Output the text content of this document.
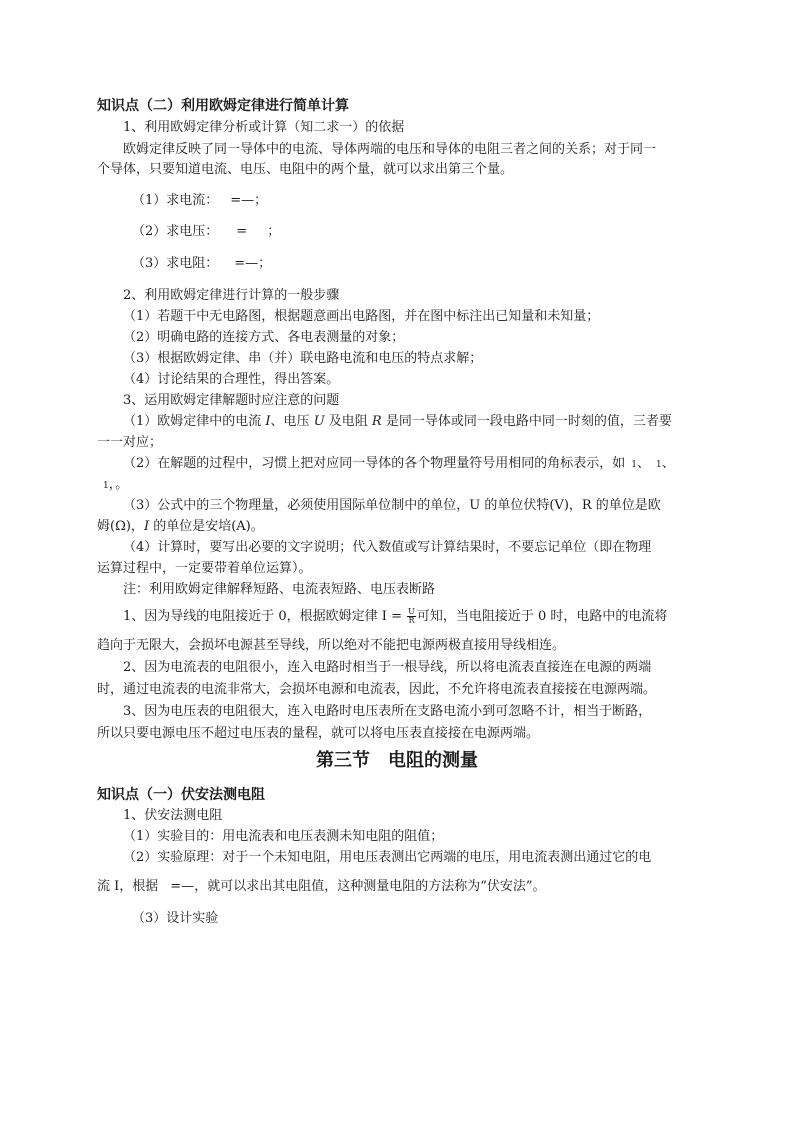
知识点（二）利用欧姆定律进行简单计算
1、利用欧姆定律分析或计算（知二求一）的依据
欧姆定律反映了同一导体中的电流、导体两端的电压和导体的电阻三者之间的关系；对于同一
个导体，只要知道电流、电压、电阻中的两个量，就可以求出第三个量。
（1）求电流： =—；
（2）求电压： = ；
（3）求电阻： =—；
2、利用欧姆定律进行计算的一般步骤
（1）若题干中无电路图，根据题意画出电路图，并在图中标注出已知量和未知量；
（2）明确电路的连接方式、各电表测量的对象；
（3）根据欧姆定律、串（并）联电路电流和电压的特点求解；
（4）讨论结果的合理性，得出答案。
3、运用欧姆定律解题时应注意的问题
（1）欧姆定律中的电流 I、电压 U 及电阻 R 是同一导体或同一段电路中同一时刻的值，三者要
一一对应；
（2）在解题的过程中，习惯上把对应同一导体的各个物理量符号用相同的角标表示，如 1、 1、
1，。
（3）公式中的三个物理量，必须使用国际单位制中的单位，U 的单位伏特(V)，R 的单位是欧
姆(Ω)，I 的单位是安培(A)。
（4）计算时，要写出必要的文字说明；代入数值或写计算结果时，不要忘记单位（即在物理
运算过程中，一定要带着单位运算）。
注：利用欧姆定律解释短路、电流表短路、电压表断路
1、因为导线的电阻接近于 0，根据欧姆定律 $I = \frac{U}{R}$ 可知，当电阻接近于 0 时，电路中的电流将
趋向于无限大，会损坏电源甚至导线，所以绝对不能把电源两极直接用导线相连。
2、因为电流表的电阻很小，连入电路时相当于一根导线，所以将电流表直接连在电源的两端
时，通过电流表的电流非常大，会损坏电源和电流表，因此，不允许将电流表直接接在电源两端。
3、因为电压表的电阻很大，连入电路时电压表所在支路电流小到可忽略不计，相当于断路，
所以只要电源电压不超过电压表的量程，就可以将电压表直接接在电源两端。
第三节 电阻的测量
知识点（一）伏安法测电阻
1、伏安法测电阻
（1）实验目的：用电流表和电压表测未知电阻的阻值；
（2）实验原理：对于一个未知电阻，用电压表测出它两端的电压，用电流表测出通过它的电
流 I，根据 =—，就可以求出其电阻值，这种测量电阻的方法称为“伏安法”。
（3）设计实验
